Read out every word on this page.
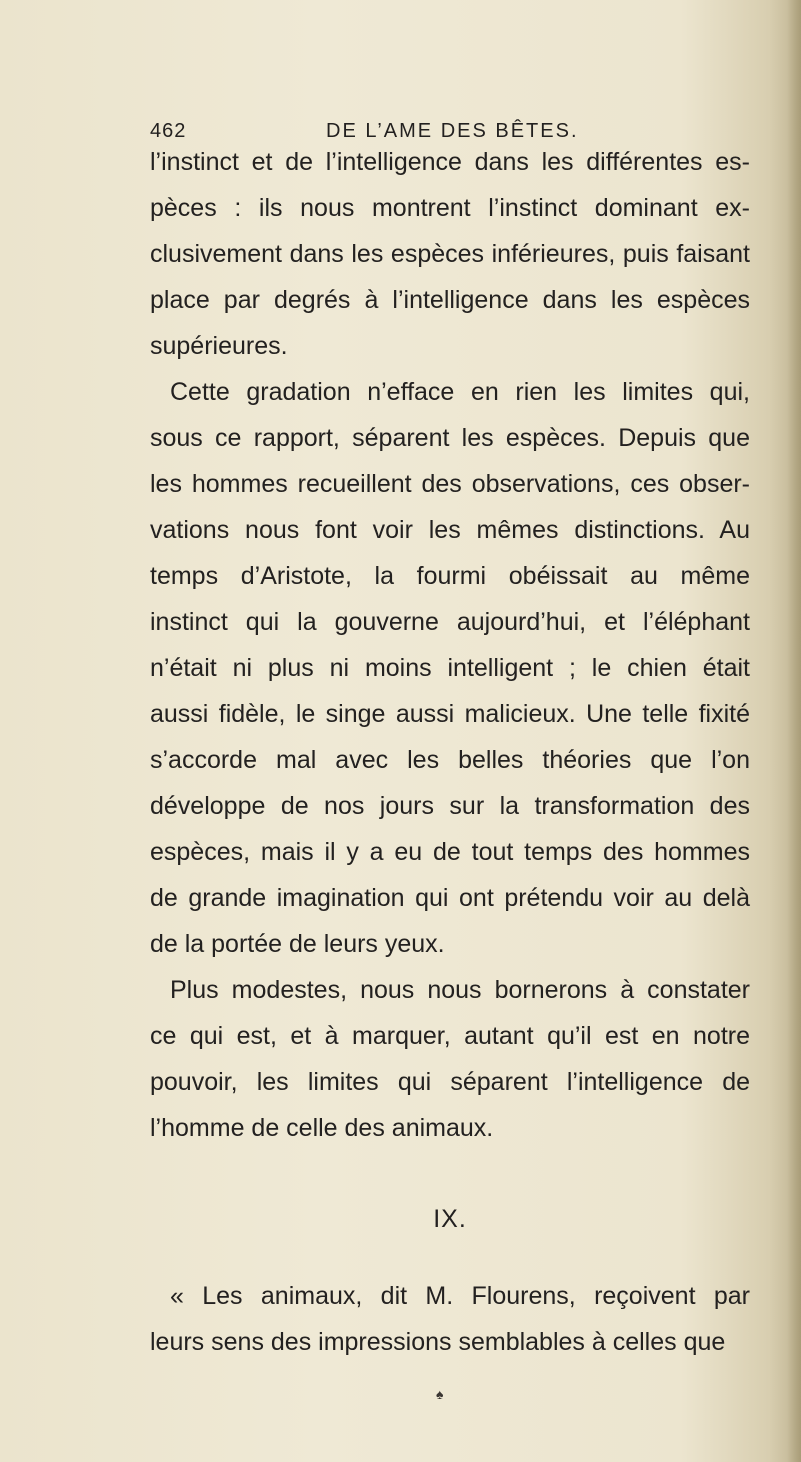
462	DE L’AME DES BÊTES.
l’instinct et de l’intelligence dans les différentes es-
pèces : ils nous montrent l’instinct dominant ex-
clusivement dans les espèces inférieures, puis faisant
place par degrés à l’intelligence dans les espèces
supérieures.
Cette gradation n’efface en rien les limites qui,
sous ce rapport, séparent les espèces. Depuis que
les hommes recueillent des observations, ces obser-
vations nous font voir les mêmes distinctions. Au
temps d’Aristote, la fourmi obéissait au même
instinct qui la gouverne aujourd’hui, et l’éléphant
n’était ni plus ni moins intelligent ; le chien était
aussi fidèle, le singe aussi malicieux. Une telle fixité
s’accorde mal avec les belles théories que l’on
développe de nos jours sur la transformation des
espèces, mais il y a eu de tout temps des hommes
de grande imagination qui ont prétendu voir au delà
de la portée de leurs yeux.
Plus modestes, nous nous bornerons à constater
ce qui est, et à marquer, autant qu’il est en notre
pouvoir, les limites qui séparent l’intelligence de
l’homme de celle des animaux.
IX.
« Les animaux, dit M. Flourens, reçoivent par
leurs sens des impressions semblables à celles que
♠
